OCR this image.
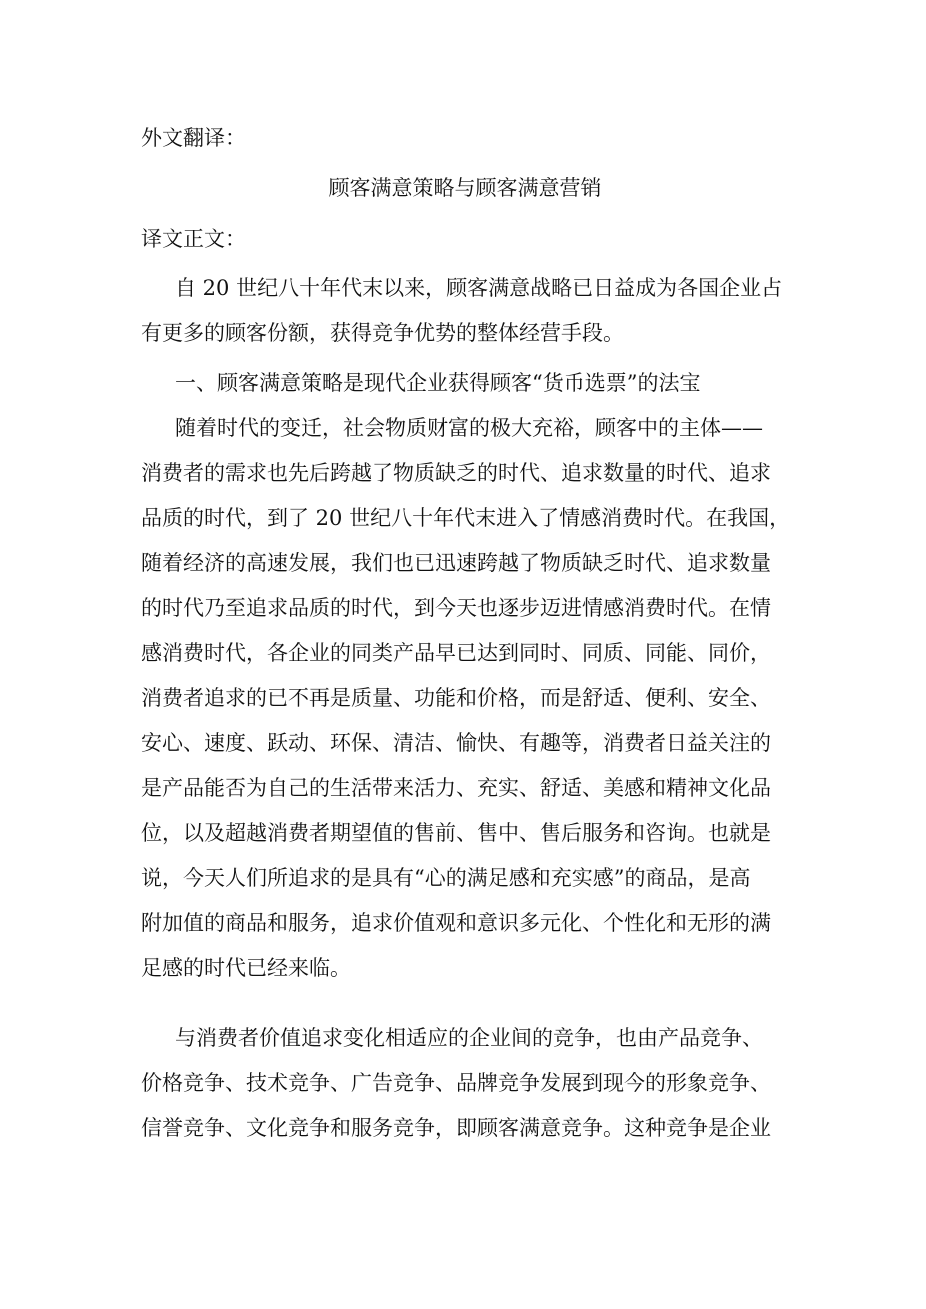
外文翻译：
顾客满意策略与顾客满意营销
译文正文：
自 20 世纪八十年代末以来，顾客满意战略已日益成为各国企业占
有更多的顾客份额，获得竞争优势的整体经营手段。
一、顾客满意策略是现代企业获得顾客“货币选票”的法宝
随着时代的变迁，社会物质财富的极大充裕，顾客中的主体——
消费者的需求也先后跨越了物质缺乏的时代、追求数量的时代、追求
品质的时代，到了 20 世纪八十年代末进入了情感消费时代。在我国，
随着经济的高速发展，我们也已迅速跨越了物质缺乏时代、追求数量
的时代乃至追求品质的时代，到今天也逐步迈进情感消费时代。在情
感消费时代，各企业的同类产品早已达到同时、同质、同能、同价，
消费者追求的已不再是质量、功能和价格，而是舒适、便利、安全、
安心、速度、跃动、环保、清洁、愉快、有趣等，消费者日益关注的
是产品能否为自己的生活带来活力、充实、舒适、美感和精神文化品
位，以及超越消费者期望值的售前、售中、售后服务和咨询。也就是
说，今天人们所追求的是具有“心的满足感和充实感”的商品，是高
附加值的商品和服务，追求价值观和意识多元化、个性化和无形的满
足感的时代已经来临。
与消费者价值追求变化相适应的企业间的竞争，也由产品竞争、
价格竞争、技术竞争、广告竞争、品牌竞争发展到现今的形象竞争、
信誉竞争、文化竞争和服务竞争，即顾客满意竞争。这种竞争是企业
